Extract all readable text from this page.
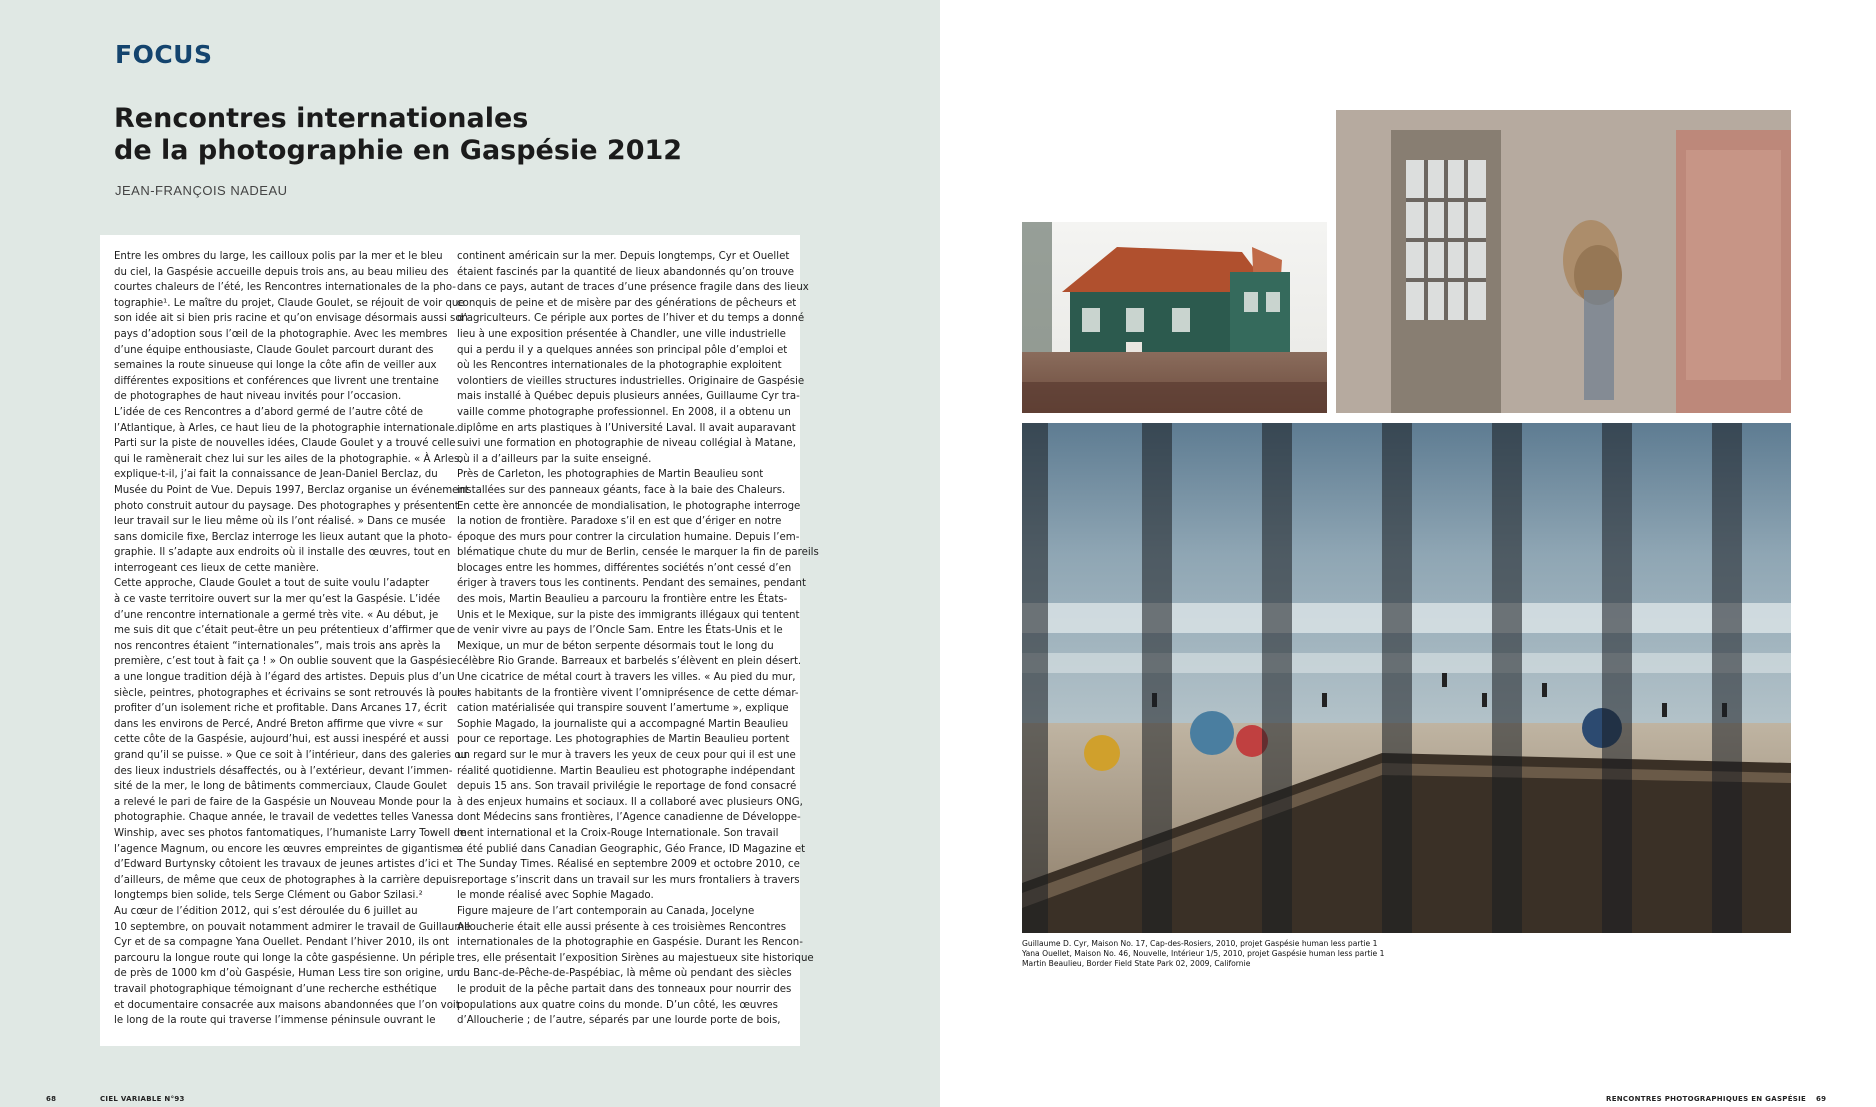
FOCUS
Rencontres internationales
de la photographie en Gaspésie 2012
JEAN-FRANÇOIS NADEAU
Entre les ombres du large, les cailloux polis par la mer et le bleu
du ciel, la Gaspésie accueille depuis trois ans, au beau milieu des
courtes chaleurs de l’été, les Rencontres internationales de la pho-
tographie¹. Le maître du projet, Claude Goulet, se réjouit de voir que
son idée ait si bien pris racine et qu’on envisage désormais aussi son
pays d’adoption sous l’œil de la photographie. Avec les membres
d’une équipe enthousiaste, Claude Goulet parcourt durant des
semaines la route sinueuse qui longe la côte afin de veiller aux
différentes expositions et conférences que livrent une trentaine
de photographes de haut niveau invités pour l’occasion.
L’idée de ces Rencontres a d’abord germé de l’autre côté de
l’Atlantique, à Arles, ce haut lieu de la photographie internationale.
Parti sur la piste de nouvelles idées, Claude Goulet y a trouvé celle
qui le ramènerait chez lui sur les ailes de la photographie. « À Arles,
explique-t-il, j’ai fait la connaissance de Jean-Daniel Berclaz, du
Musée du Point de Vue. Depuis 1997, Berclaz organise un événement
photo construit autour du paysage. Des photographes y présentent
leur travail sur le lieu même où ils l’ont réalisé. » Dans ce musée
sans domicile fixe, Berclaz interroge les lieux autant que la photo-
graphie. Il s’adapte aux endroits où il installe des œuvres, tout en
interrogeant ces lieux de cette manière.
Cette approche, Claude Goulet a tout de suite voulu l’adapter
à ce vaste territoire ouvert sur la mer qu’est la Gaspésie. L’idée
d’une rencontre internationale a germé très vite. « Au début, je
me suis dit que c’était peut-être un peu prétentieux d’affirmer que
nos rencontres étaient “internationales”, mais trois ans après la
première, c’est tout à fait ça ! » On oublie souvent que la Gaspésie
a une longue tradition déjà à l’égard des artistes. Depuis plus d’un
siècle, peintres, photographes et écrivains se sont retrouvés là pour
profiter d’un isolement riche et profitable. Dans Arcanes 17, écrit
dans les environs de Percé, André Breton affirme que vivre « sur
cette côte de la Gaspésie, aujourd’hui, est aussi inespéré et aussi
grand qu’il se puisse. » Que ce soit à l’intérieur, dans des galeries ou
des lieux industriels désaffectés, ou à l’extérieur, devant l’immen-
sité de la mer, le long de bâtiments commerciaux, Claude Goulet
a relevé le pari de faire de la Gaspésie un Nouveau Monde pour la
photographie. Chaque année, le travail de vedettes telles Vanessa
Winship, avec ses photos fantomatiques, l’humaniste Larry Towell de
l’agence Magnum, ou encore les œuvres empreintes de gigantisme
d’Edward Burtynsky côtoient les travaux de jeunes artistes d’ici et
d’ailleurs, de même que ceux de photographes à la carrière depuis
longtemps bien solide, tels Serge Clément ou Gabor Szilasi.²
Au cœur de l’édition 2012, qui s’est déroulée du 6 juillet au
10 septembre, on pouvait notamment admirer le travail de Guillaume
Cyr et de sa compagne Yana Ouellet. Pendant l’hiver 2010, ils ont
parcouru la longue route qui longe la côte gaspésienne. Un périple
de près de 1000 km d’où Gaspésie, Human Less tire son origine, un
travail photographique témoignant d’une recherche esthétique
et documentaire consacrée aux maisons abandonnées que l’on voit
le long de la route qui traverse l’immense péninsule ouvrant le
continent américain sur la mer. Depuis longtemps, Cyr et Ouellet
étaient fascinés par la quantité de lieux abandonnés qu’on trouve
dans ce pays, autant de traces d’une présence fragile dans des lieux
conquis de peine et de misère par des générations de pêcheurs et
d’agriculteurs. Ce périple aux portes de l’hiver et du temps a donné
lieu à une exposition présentée à Chandler, une ville industrielle
qui a perdu il y a quelques années son principal pôle d’emploi et
où les Rencontres internationales de la photographie exploitent
volontiers de vieilles structures industrielles. Originaire de Gaspésie
mais installé à Québec depuis plusieurs années, Guillaume Cyr tra-
vaille comme photographe professionnel. En 2008, il a obtenu un
diplôme en arts plastiques à l’Université Laval. Il avait auparavant
suivi une formation en photographie de niveau collégial à Matane,
où il a d’ailleurs par la suite enseigné.
Près de Carleton, les photographies de Martin Beaulieu sont
installées sur des panneaux géants, face à la baie des Chaleurs.
En cette ère annoncée de mondialisation, le photographe interroge
la notion de frontière. Paradoxe s’il en est que d’ériger en notre
époque des murs pour contrer la circulation humaine. Depuis l’em-
blématique chute du mur de Berlin, censée le marquer la fin de pareils
blocages entre les hommes, différentes sociétés n’ont cessé d’en
ériger à travers tous les continents. Pendant des semaines, pendant
des mois, Martin Beaulieu a parcouru la frontière entre les États-
Unis et le Mexique, sur la piste des immigrants illégaux qui tentent
de venir vivre au pays de l’Oncle Sam. Entre les États-Unis et le
Mexique, un mur de béton serpente désormais tout le long du
célèbre Rio Grande. Barreaux et barbelés s’élèvent en plein désert.
Une cicatrice de métal court à travers les villes. « Au pied du mur,
les habitants de la frontière vivent l’omniprésence de cette démar-
cation matérialisée qui transpire souvent l’amertume », explique
Sophie Magado, la journaliste qui a accompagné Martin Beaulieu
pour ce reportage. Les photographies de Martin Beaulieu portent
un regard sur le mur à travers les yeux de ceux pour qui il est une
réalité quotidienne. Martin Beaulieu est photographe indépendant
depuis 15 ans. Son travail privilégie le reportage de fond consacré
à des enjeux humains et sociaux. Il a collaboré avec plusieurs ONG,
dont Médecins sans frontières, l’Agence canadienne de Développe-
ment international et la Croix-Rouge Internationale. Son travail
a été publié dans Canadian Geographic, Géo France, ID Magazine et
The Sunday Times. Réalisé en septembre 2009 et octobre 2010, ce
reportage s’inscrit dans un travail sur les murs frontaliers à travers
le monde réalisé avec Sophie Magado.
Figure majeure de l’art contemporain au Canada, Jocelyne
Alloucherie était elle aussi présente à ces troisièmes Rencontres
internationales de la photographie en Gaspésie. Durant les Rencon-
tres, elle présentait l’exposition Sirènes au majestueux site historique
du Banc-de-Pêche-de-Paspébiac, là même où pendant des siècles
le produit de la pêche partait dans des tonneaux pour nourrir des
populations aux quatre coins du monde. D’un côté, les œuvres
d’Alloucherie ; de l’autre, séparés par une lourde porte de bois,
68	CIEL VARIABLE N°93
Guillaume D. Cyr, Maison No. 17, Cap-des-Rosiers, 2010, projet Gaspésie human less partie 1
Yana Ouellet, Maison No. 46, Nouvelle, Intérieur 1/5, 2010, projet Gaspésie human less partie 1
Martin Beaulieu, Border Field State Park 02, 2009, Californie
RENCONTRES PHOTOGRAPHIQUES EN GASPÉSIE 69
